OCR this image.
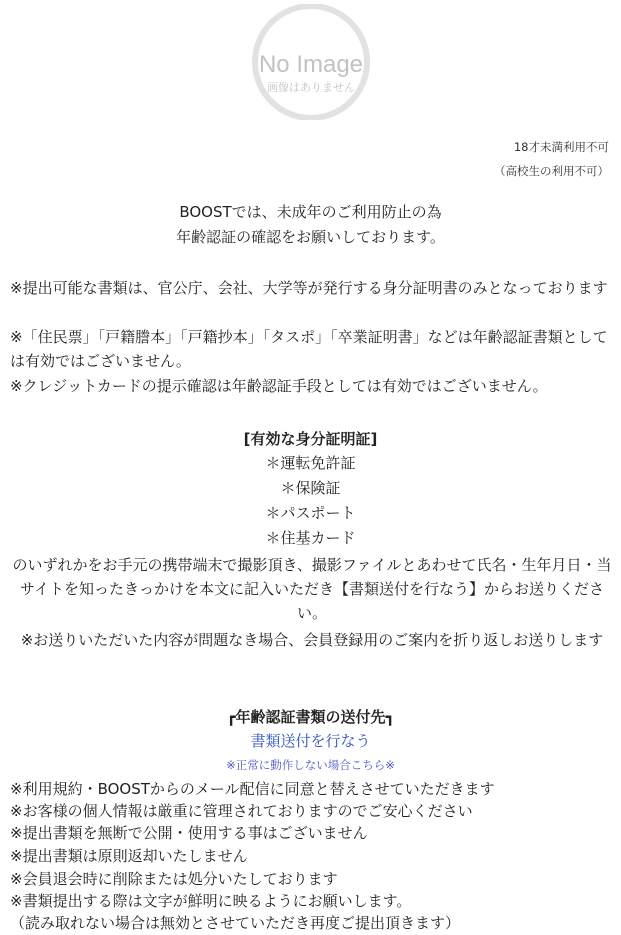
No Image
画像はありません
18才未満利用不可
（高校生の利用不可）
BOOSTでは、未成年のご利用防止の為
年齢認証の確認をお願いしております。
※提出可能な書類は、官公庁、会社、大学等が発行する身分証明書のみとなっております
※「住民票」「戸籍謄本」「戸籍抄本」「タスポ」「卒業証明書」などは年齢認証書類としては有効ではございません。
※クレジットカードの提示確認は年齢認証手段としては有効ではございません。
[有効な身分証明証]
＊運転免許証
＊保険証
＊パスポート
＊住基カード
のいずれかをお手元の携帯端末で撮影頂き、撮影ファイルとあわせて氏名・生年月日・当サイトを知ったきっかけを本文に記入いただき【書類送付を行なう】からお送りください。
※お送りいただいた内容が問題なき場合、会員登録用のご案内を折り返しお送りします
┏年齢認証書類の送付先┓
書類送付を行なう
※正常に動作しない場合こちら※
※利用規約・BOOSTからのメール配信に同意と替えさせていただきます
※お客様の個人情報は厳重に管理されておりますのでご安心ください
※提出書類を無断で公開・使用する事はございません
※提出書類は原則返却いたしません
※会員退会時に削除または処分いたしております
※書類提出する際は文字が鮮明に映るようにお願いします。
（読み取れない場合は無効とさせていただき再度ご提出頂きます）
